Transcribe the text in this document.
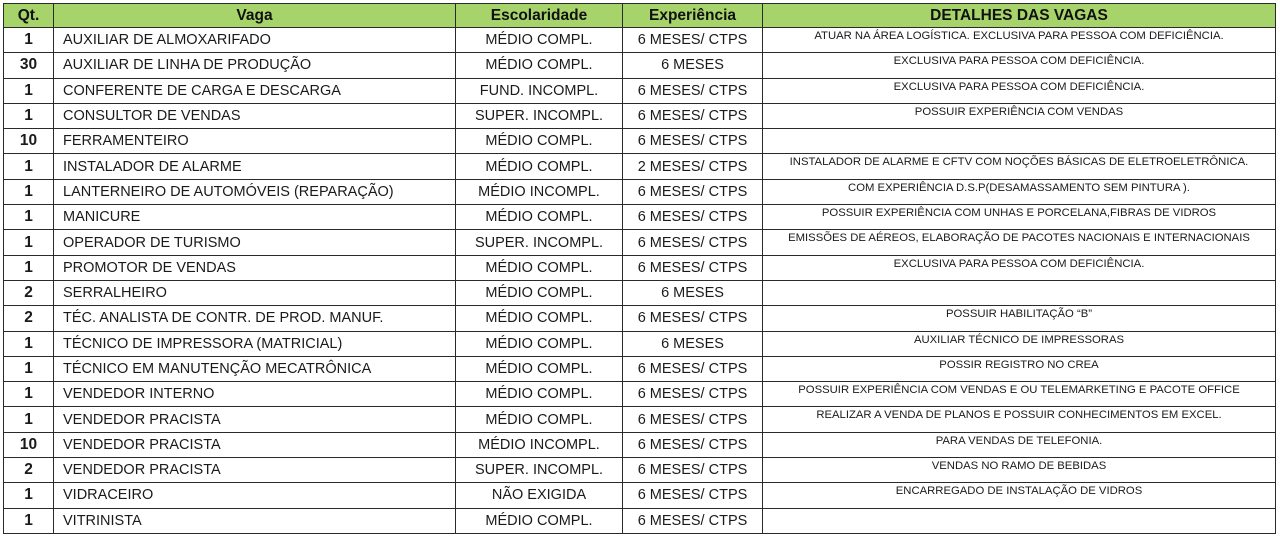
Qt.	Vaga	Escolaridade	Experiência	DETALHES DAS VAGAS
1	AUXILIAR DE ALMOXARIFADO	MÉDIO COMPL.	6 MESES/ CTPS	ATUAR NA ÁREA LOGÍSTICA. EXCLUSIVA PARA PESSOA COM DEFICIÊNCIA.
30	AUXILIAR DE LINHA DE PRODUÇÃO	MÉDIO COMPL.	6 MESES	EXCLUSIVA PARA PESSOA COM DEFICIÊNCIA.
1	CONFERENTE DE CARGA E DESCARGA	FUND. INCOMPL.	6 MESES/ CTPS	EXCLUSIVA PARA PESSOA COM DEFICIÊNCIA.
1	CONSULTOR DE VENDAS	SUPER. INCOMPL.	6 MESES/ CTPS	POSSUIR EXPERIÊNCIA COM VENDAS
10	FERRAMENTEIRO	MÉDIO COMPL.	6 MESES/ CTPS	
1	INSTALADOR DE ALARME	MÉDIO COMPL.	2 MESES/ CTPS	INSTALADOR DE ALARME E CFTV COM NOÇÕES BÁSICAS DE ELETROELETRÔNICA.
1	LANTERNEIRO DE AUTOMÓVEIS (REPARAÇÃO)	MÉDIO INCOMPL.	6 MESES/ CTPS	COM EXPERIÊNCIA D.S.P(DESAMASSAMENTO SEM PINTURA ).
1	MANICURE	MÉDIO COMPL.	6 MESES/ CTPS	POSSUIR EXPERIÊNCIA COM UNHAS E PORCELANA,FIBRAS DE VIDROS
1	OPERADOR DE TURISMO	SUPER. INCOMPL.	6 MESES/ CTPS	EMISSÕES DE AÉREOS, ELABORAÇÃO DE PACOTES NACIONAIS E INTERNACIONAIS
1	PROMOTOR DE VENDAS	MÉDIO COMPL.	6 MESES/ CTPS	EXCLUSIVA PARA PESSOA COM DEFICIÊNCIA.
2	SERRALHEIRO	MÉDIO COMPL.	6 MESES	
2	TÉC. ANALISTA DE CONTR. DE PROD. MANUF.	MÉDIO COMPL.	6 MESES/ CTPS	POSSUIR HABILITAÇÃO “B”
1	TÉCNICO DE IMPRESSORA (MATRICIAL)	MÉDIO COMPL.	6 MESES	AUXILIAR TÉCNICO DE IMPRESSORAS
1	TÉCNICO EM MANUTENÇÃO MECATRÔNICA	MÉDIO COMPL.	6 MESES/ CTPS	POSSIR REGISTRO NO CREA
1	VENDEDOR INTERNO	MÉDIO COMPL.	6 MESES/ CTPS	POSSUIR EXPERIÊNCIA COM VENDAS E OU TELEMARKETING E PACOTE OFFICE
1	VENDEDOR PRACISTA	MÉDIO COMPL.	6 MESES/ CTPS	REALIZAR A VENDA DE PLANOS E POSSUIR CONHECIMENTOS EM EXCEL.
10	VENDEDOR PRACISTA	MÉDIO INCOMPL.	6 MESES/ CTPS	PARA VENDAS DE TELEFONIA.
2	VENDEDOR PRACISTA	SUPER. INCOMPL.	6 MESES/ CTPS	VENDAS NO RAMO DE BEBIDAS
1	VIDRACEIRO	NÃO EXIGIDA	6 MESES/ CTPS	ENCARREGADO DE INSTALAÇÃO DE VIDROS
1	VITRINISTA	MÉDIO COMPL.	6 MESES/ CTPS	
